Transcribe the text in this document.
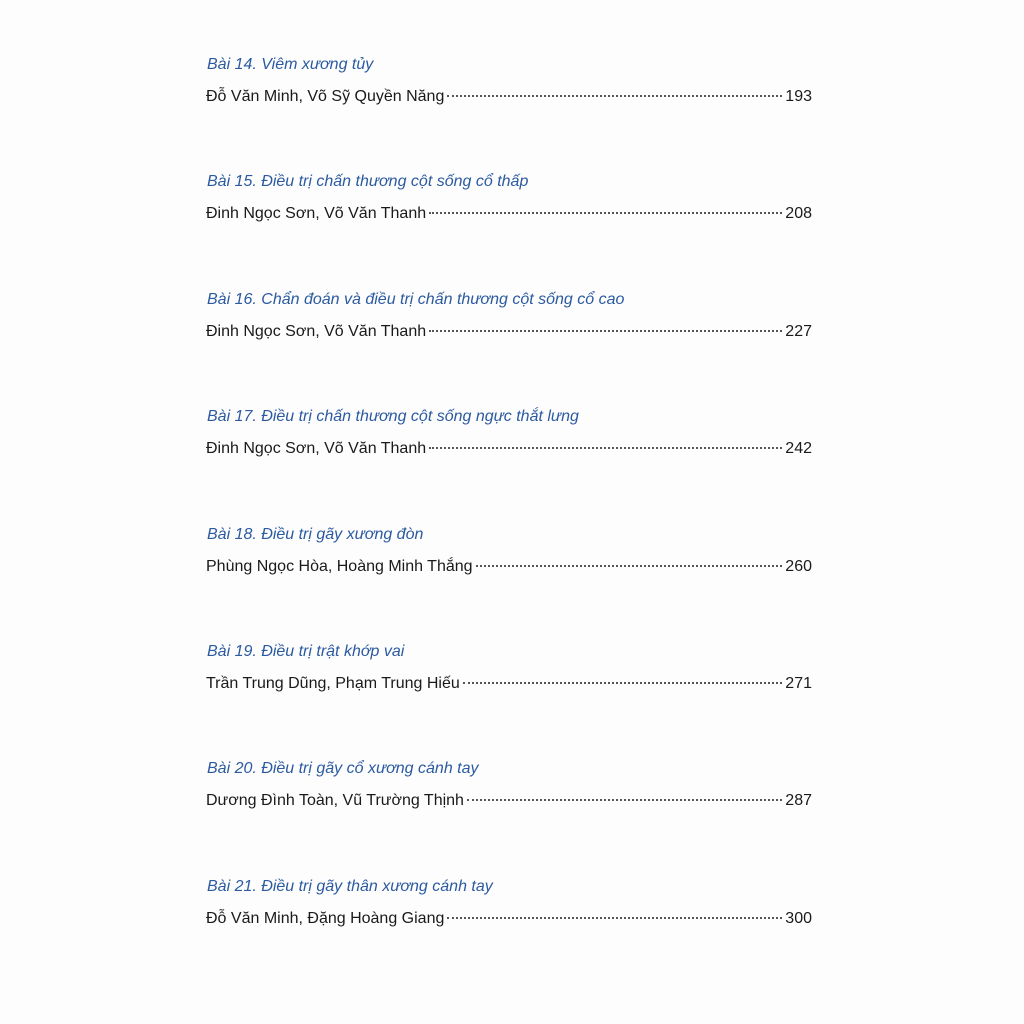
Bài 14. Viêm xương tủy
Đỗ Văn Minh, Võ Sỹ Quyền Năng	193
Bài 15. Điều trị chấn thương cột sống cổ thấp
Đinh Ngọc Sơn, Võ Văn Thanh	208
Bài 16. Chẩn đoán và điều trị chấn thương cột sống cổ cao
Đinh Ngọc Sơn, Võ Văn Thanh	227
Bài 17. Điều trị chấn thương cột sống ngực thắt lưng
Đinh Ngọc Sơn, Võ Văn Thanh	242
Bài 18. Điều trị gãy xương đòn
Phùng Ngọc Hòa, Hoàng Minh Thắng	260
Bài 19. Điều trị trật khớp vai
Trần Trung Dũng, Phạm Trung Hiếu	271
Bài 20. Điều trị gãy cổ xương cánh tay
Dương Đình Toàn, Vũ Trường Thịnh	287
Bài 21. Điều trị gãy thân xương cánh tay
Đỗ Văn Minh, Đặng Hoàng Giang	300
